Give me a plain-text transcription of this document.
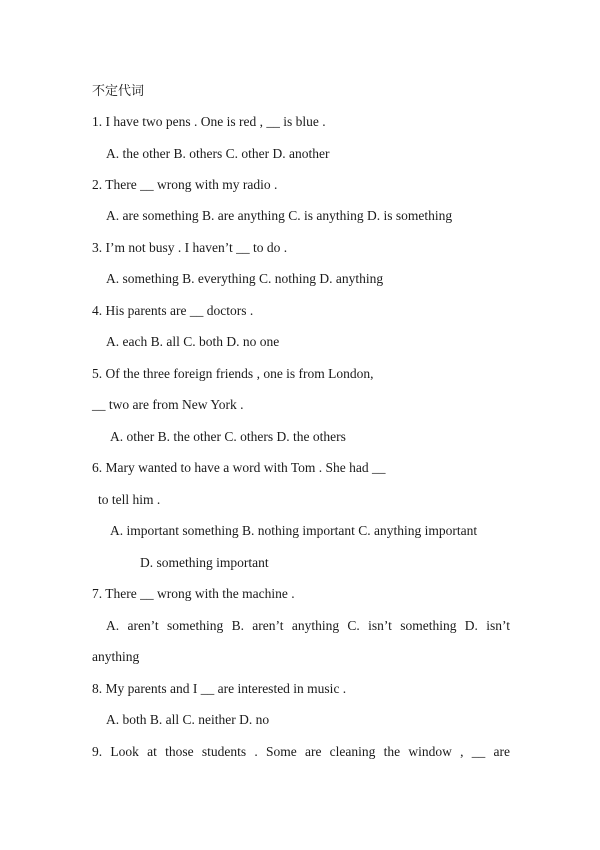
不定代词
1. I have two pens . One is red , __ is blue .
A. the other B. others C. other D. another
2. There __ wrong with my radio .
A. are something B. are anything C. is anything D. is something
3. I’m not busy . I haven’t __ to do .
A. something B. everything C. nothing D. anything
4. His parents are __ doctors .
A. each B. all C. both D. no one
5. Of the three foreign friends , one is from London,
__ two are from New York .
A. other B. the other C. others D. the others
6. Mary wanted to have a word with Tom . She had __
to tell him .
A. important something B. nothing important C. anything important
D. something important
7. There __ wrong with the machine .
A. aren’t something B. aren’t anything C. isn’t something D. isn’t
anything
8. My parents and I __ are interested in music .
A. both B. all C. neither D. no
9. Look at those students . Some are cleaning the window , __ are
